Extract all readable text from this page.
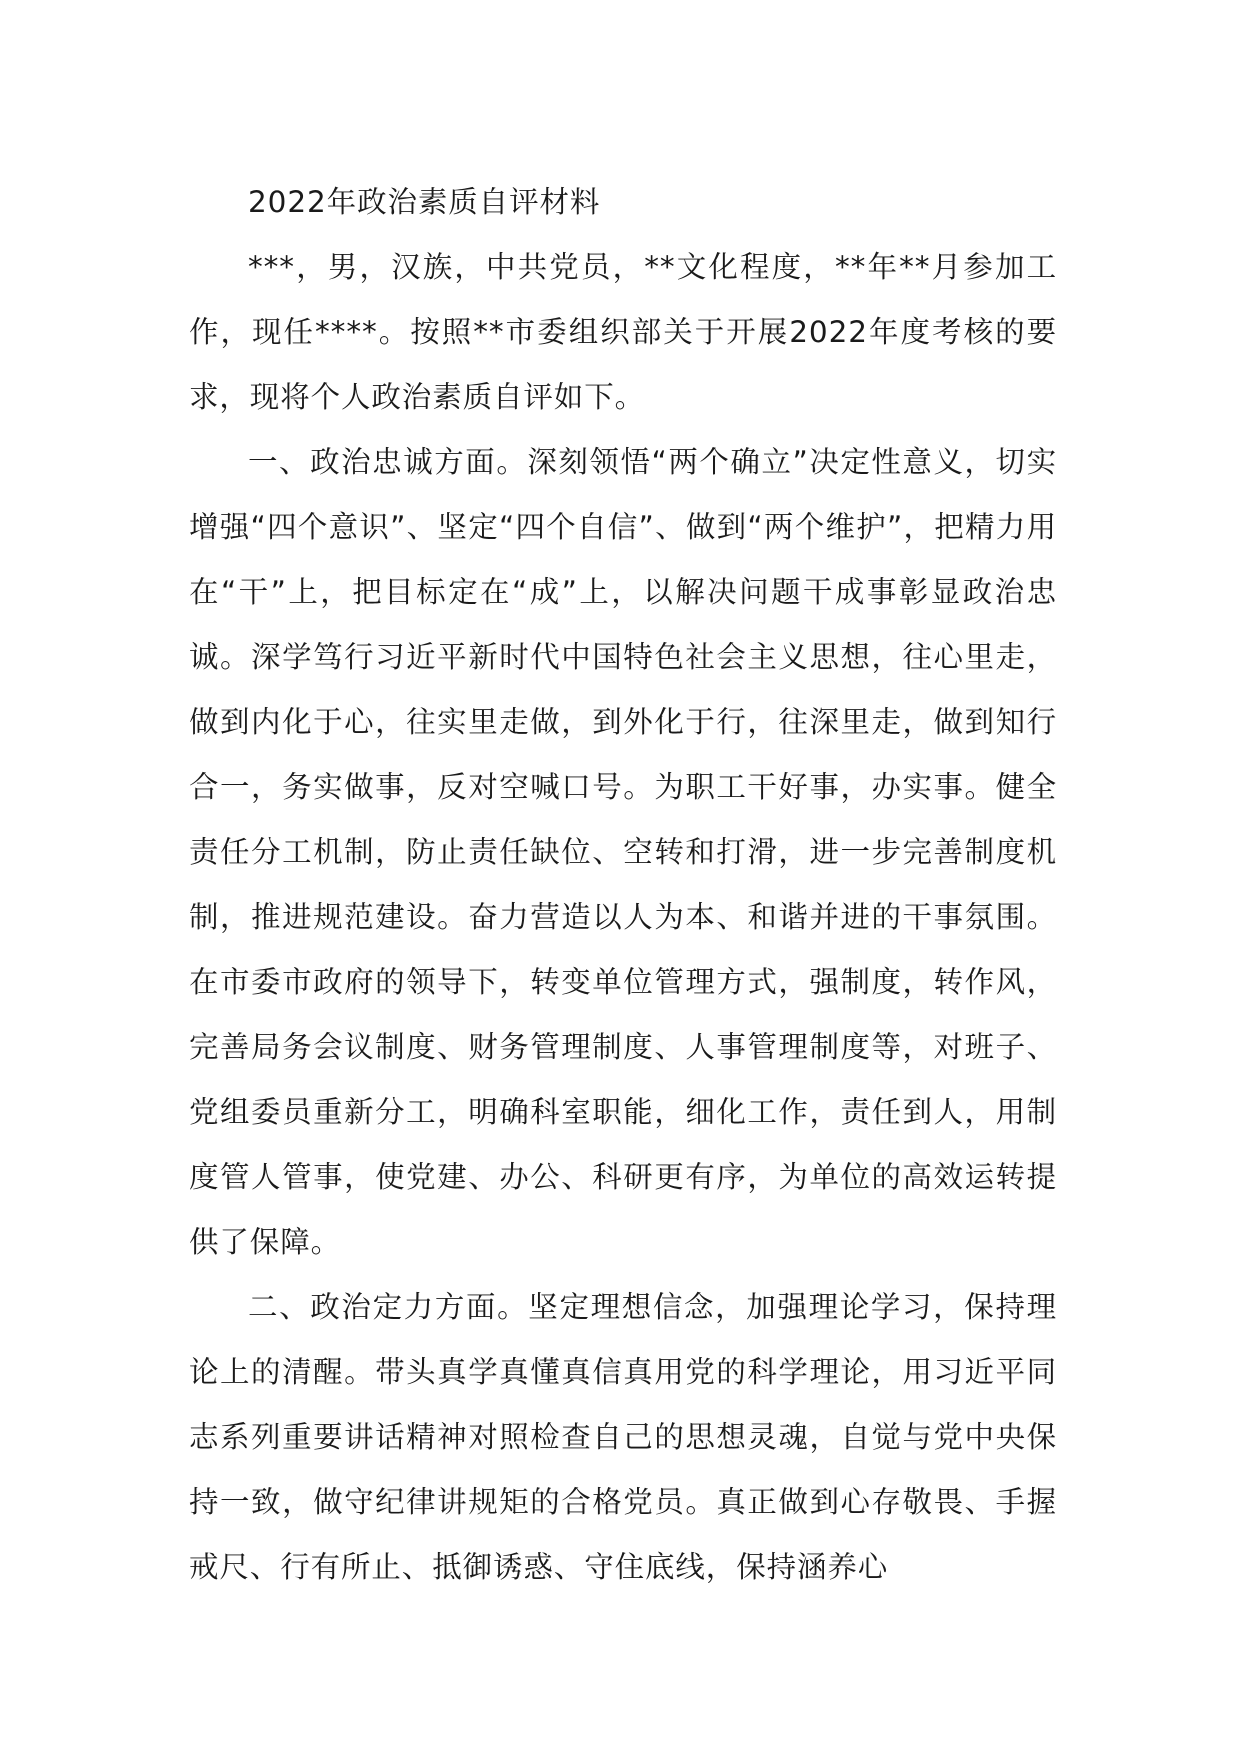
2022年政治素质自评材料

***，男，汉族，中共党员，**文化程度，**年**月参加工作，现任****。按照**市委组织部关于开展2022年度考核的要求，现将个人政治素质自评如下。

一、政治忠诚方面。深刻领悟“两个确立”决定性意义，切实增强“四个意识”、坚定“四个自信”、做到“两个维护”，把精力用在“干”上，把目标定在“成”上，以解决问题干成事彰显政治忠诚。深学笃行习近平新时代中国特色社会主义思想，往心里走，做到内化于心，往实里走做，到外化于行，往深里走，做到知行合一，务实做事，反对空喊口号。为职工干好事，办实事。健全责任分工机制，防止责任缺位、空转和打滑，进一步完善制度机制，推进规范建设。奋力营造以人为本、和谐并进的干事氛围。在市委市政府的领导下，转变单位管理方式，强制度，转作风，完善局务会议制度、财务管理制度、人事管理制度等，对班子、党组委员重新分工，明确科室职能，细化工作，责任到人，用制度管人管事，使党建、办公、科研更有序，为单位的高效运转提供了保障。

二、政治定力方面。坚定理想信念，加强理论学习，保持理论上的清醒。带头真学真懂真信真用党的科学理论，用习近平同志系列重要讲话精神对照检查自己的思想灵魂，自觉与党中央保持一致，做守纪律讲规矩的合格党员。真正做到心存敬畏、手握戒尺、行有所止、抵御诱惑、守住底线，保持涵养心
